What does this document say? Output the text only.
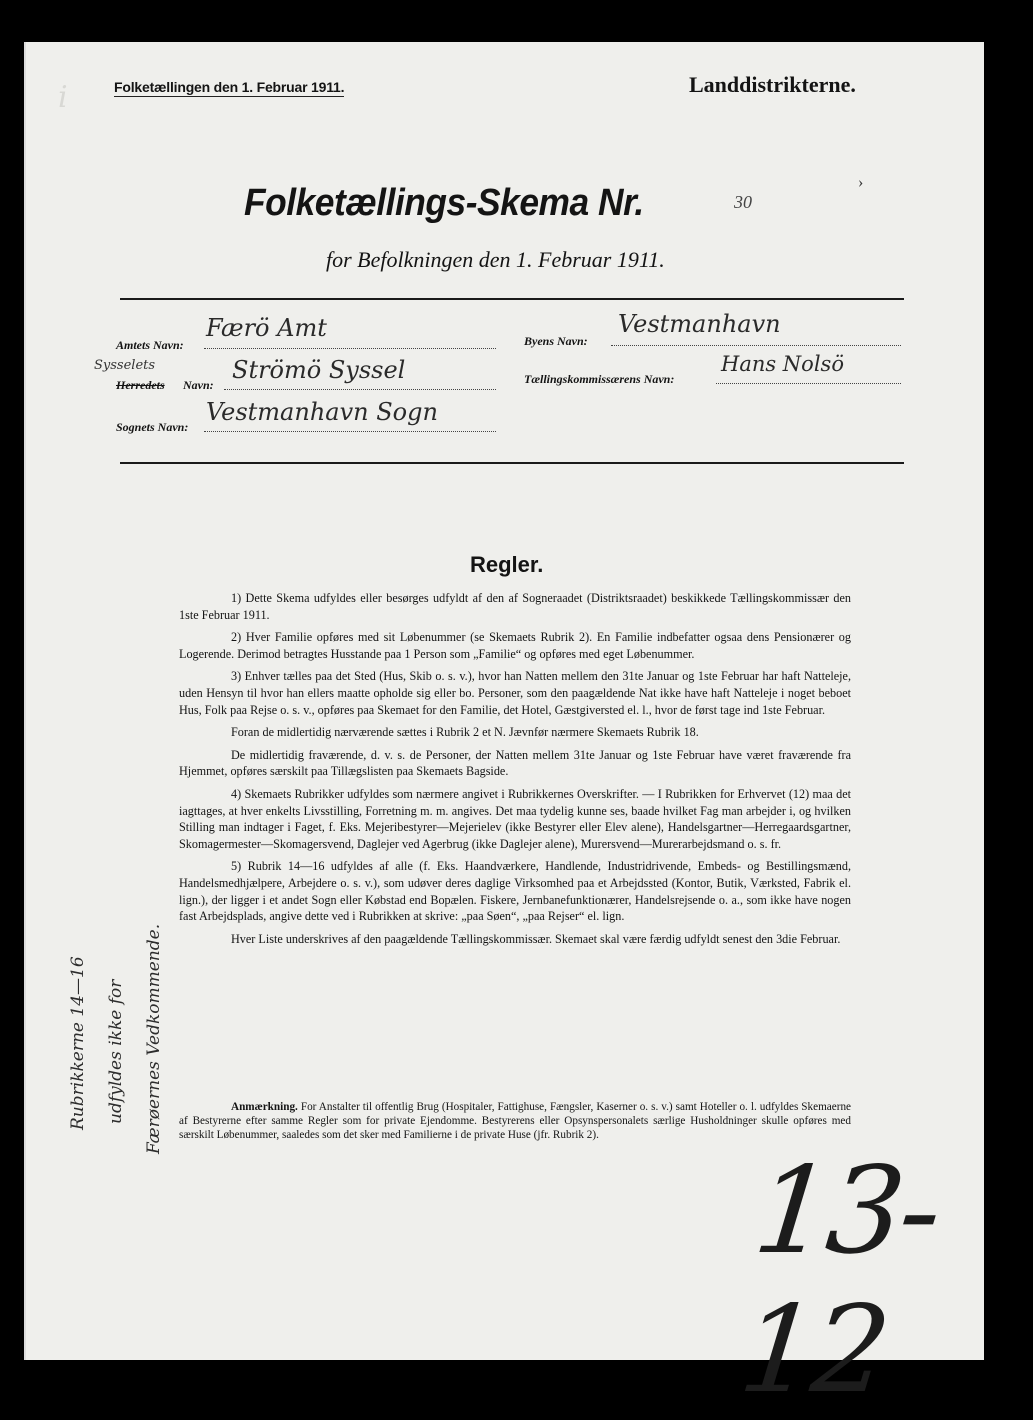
Folketællingen den 1. Februar 1911.	Landdistrikterne.
Folketællings-Skema Nr.	30
›
for Befolkningen den 1. Februar 1911.
Amtets Navn:
Færö Amt	Byens Navn:
Vestmanhavn
Sysselets
Herredets Navn:
Strömö Syssel	Tællingskommissærens Navn:
Hans Nolsö
Sognets Navn:
Vestmanhavn Sogn
i
Regler.

1) Dette Skema udfyldes eller besørges udfyldt af den af Sogneraadet (Distriktsraadet) beskikkede Tællingskommissær den 1ste Februar 1911.

2) Hver Familie opføres med sit Løbenummer (se Skemaets Rubrik 2). En Familie indbefatter ogsaa dens Pensionærer og Logerende. Derimod betragtes Husstande paa 1 Person som „Familie“ og opføres med eget Løbenummer.

3) Enhver tælles paa det Sted (Hus, Skib o. s. v.), hvor han Natten mellem den 31te Januar og 1ste Februar har haft Natteleje, uden Hensyn til hvor han ellers maatte opholde sig eller bo. Personer, som den paagældende Nat ikke have haft Natteleje i noget beboet Hus, Folk paa Rejse o. s. v., opføres paa Skemaet for den Familie, det Hotel, Gæstgiversted el. l., hvor de først tage ind 1ste Februar.

Foran de midlertidig nærværende sættes i Rubrik 2 et N. Jævnfør nærmere Skemaets Rubrik 18.

De midlertidig fraværende, d. v. s. de Personer, der Natten mellem 31te Januar og 1ste Februar have været fraværende fra Hjemmet, opføres særskilt paa Tillægslisten paa Skemaets Bagside.

4) Skemaets Rubrikker udfyldes som nærmere angivet i Rubrikkernes Overskrifter. — I Rubrikken for Erhvervet (12) maa det iagttages, at hver enkelts Livsstilling, Forretning m. m. angives. Det maa tydelig kunne ses, baade hvilket Fag man arbejder i, og hvilken Stilling man indtager i Faget, f. Eks. Mejeribestyrer—Mejerielev (ikke Bestyrer eller Elev alene), Handelsgartner—Herregaardsgartner, Skomagermester—Skomagersvend, Daglejer ved Agerbrug (ikke Daglejer alene), Murersvend—Murerarbejdsmand o. s. fr.

5) Rubrik 14—16 udfyldes af alle (f. Eks. Haandværkere, Handlende, Industridrivende, Embeds- og Bestillingsmænd, Handelsmedhjælpere, Arbejdere o. s. v.), som udøver deres daglige Virksomhed paa et Arbejdssted (Kontor, Butik, Værksted, Fabrik el. lign.), der ligger i et andet Sogn eller Købstad end Bopælen. Fiskere, Jernbanefunktionærer, Handelsrejsende o. a., som ikke have nogen fast Arbejdsplads, angive dette ved i Rubrikken at skrive: „paa Søen“, „paa Rejser“ el. lign.

Hver Liste underskrives af den paagældende Tællingskommissær. Skemaet skal være færdig udfyldt senest den 3die Februar.

Anmærkning. For Anstalter til offentlig Brug (Hospitaler, Fattighuse, Fængsler, Kaserner o. s. v.) samt Hoteller o. l. udfyldes Skemaerne af Bestyrerne efter samme Regler som for private Ejendomme. Bestyrerens eller Opsynspersonalets særlige Husholdninger skulle opføres med særskilt Løbenummer, saaledes som det sker med Familierne i de private Huse (jfr. Rubrik 2).
Rubrikkerne 14—16 udfyldes ikke for Færøernes Vedkommende.
13-12
